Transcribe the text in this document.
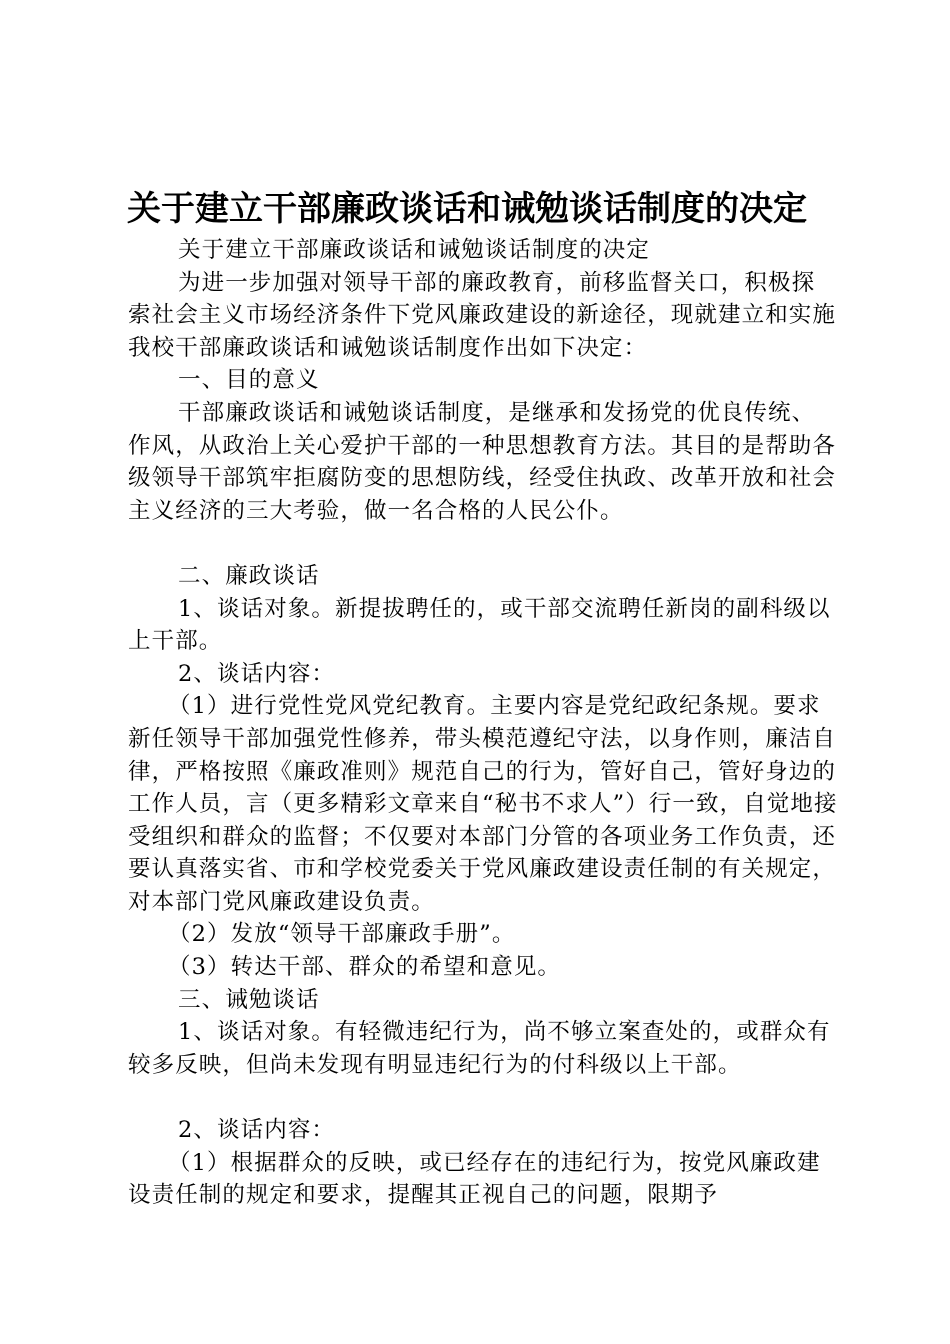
关于建立干部廉政谈话和诫勉谈话制度的决定

关于建立干部廉政谈话和诫勉谈话制度的决定

为进一步加强对领导干部的廉政教育，前移监督关口，积极探索社会主义市场经济条件下党风廉政建设的新途径，现就建立和实施我校干部廉政谈话和诫勉谈话制度作出如下决定：

一、目的意义

干部廉政谈话和诫勉谈话制度，是继承和发扬党的优良传统、作风，从政治上关心爱护干部的一种思想教育方法。其目的是帮助各级领导干部筑牢拒腐防变的思想防线，经受住执政、改革开放和社会主义经济的三大考验，做一名合格的人民公仆。

二、廉政谈话

1、谈话对象。新提拔聘任的，或干部交流聘任新岗的副科级以上干部。

2、谈话内容：

（1）进行党性党风党纪教育。主要内容是党纪政纪条规。要求新任领导干部加强党性修养，带头模范遵纪守法，以身作则，廉洁自律，严格按照《廉政准则》规范自己的行为，管好自己，管好身边的工作人员，言（更多精彩文章来自“秘书不求人”）行一致，自觉地接受组织和群众的监督；不仅要对本部门分管的各项业务工作负责，还要认真落实省、市和学校党委关于党风廉政建设责任制的有关规定，对本部门党风廉政建设负责。

（2）发放“领导干部廉政手册”。

（3）转达干部、群众的希望和意见。

三、诫勉谈话

1、谈话对象。有轻微违纪行为，尚不够立案查处的，或群众有较多反映，但尚未发现有明显违纪行为的付科级以上干部。

2、谈话内容：

（1）根据群众的反映，或已经存在的违纪行为，按党风廉政建设责任制的规定和要求，提醒其正视自己的问题，限期予
